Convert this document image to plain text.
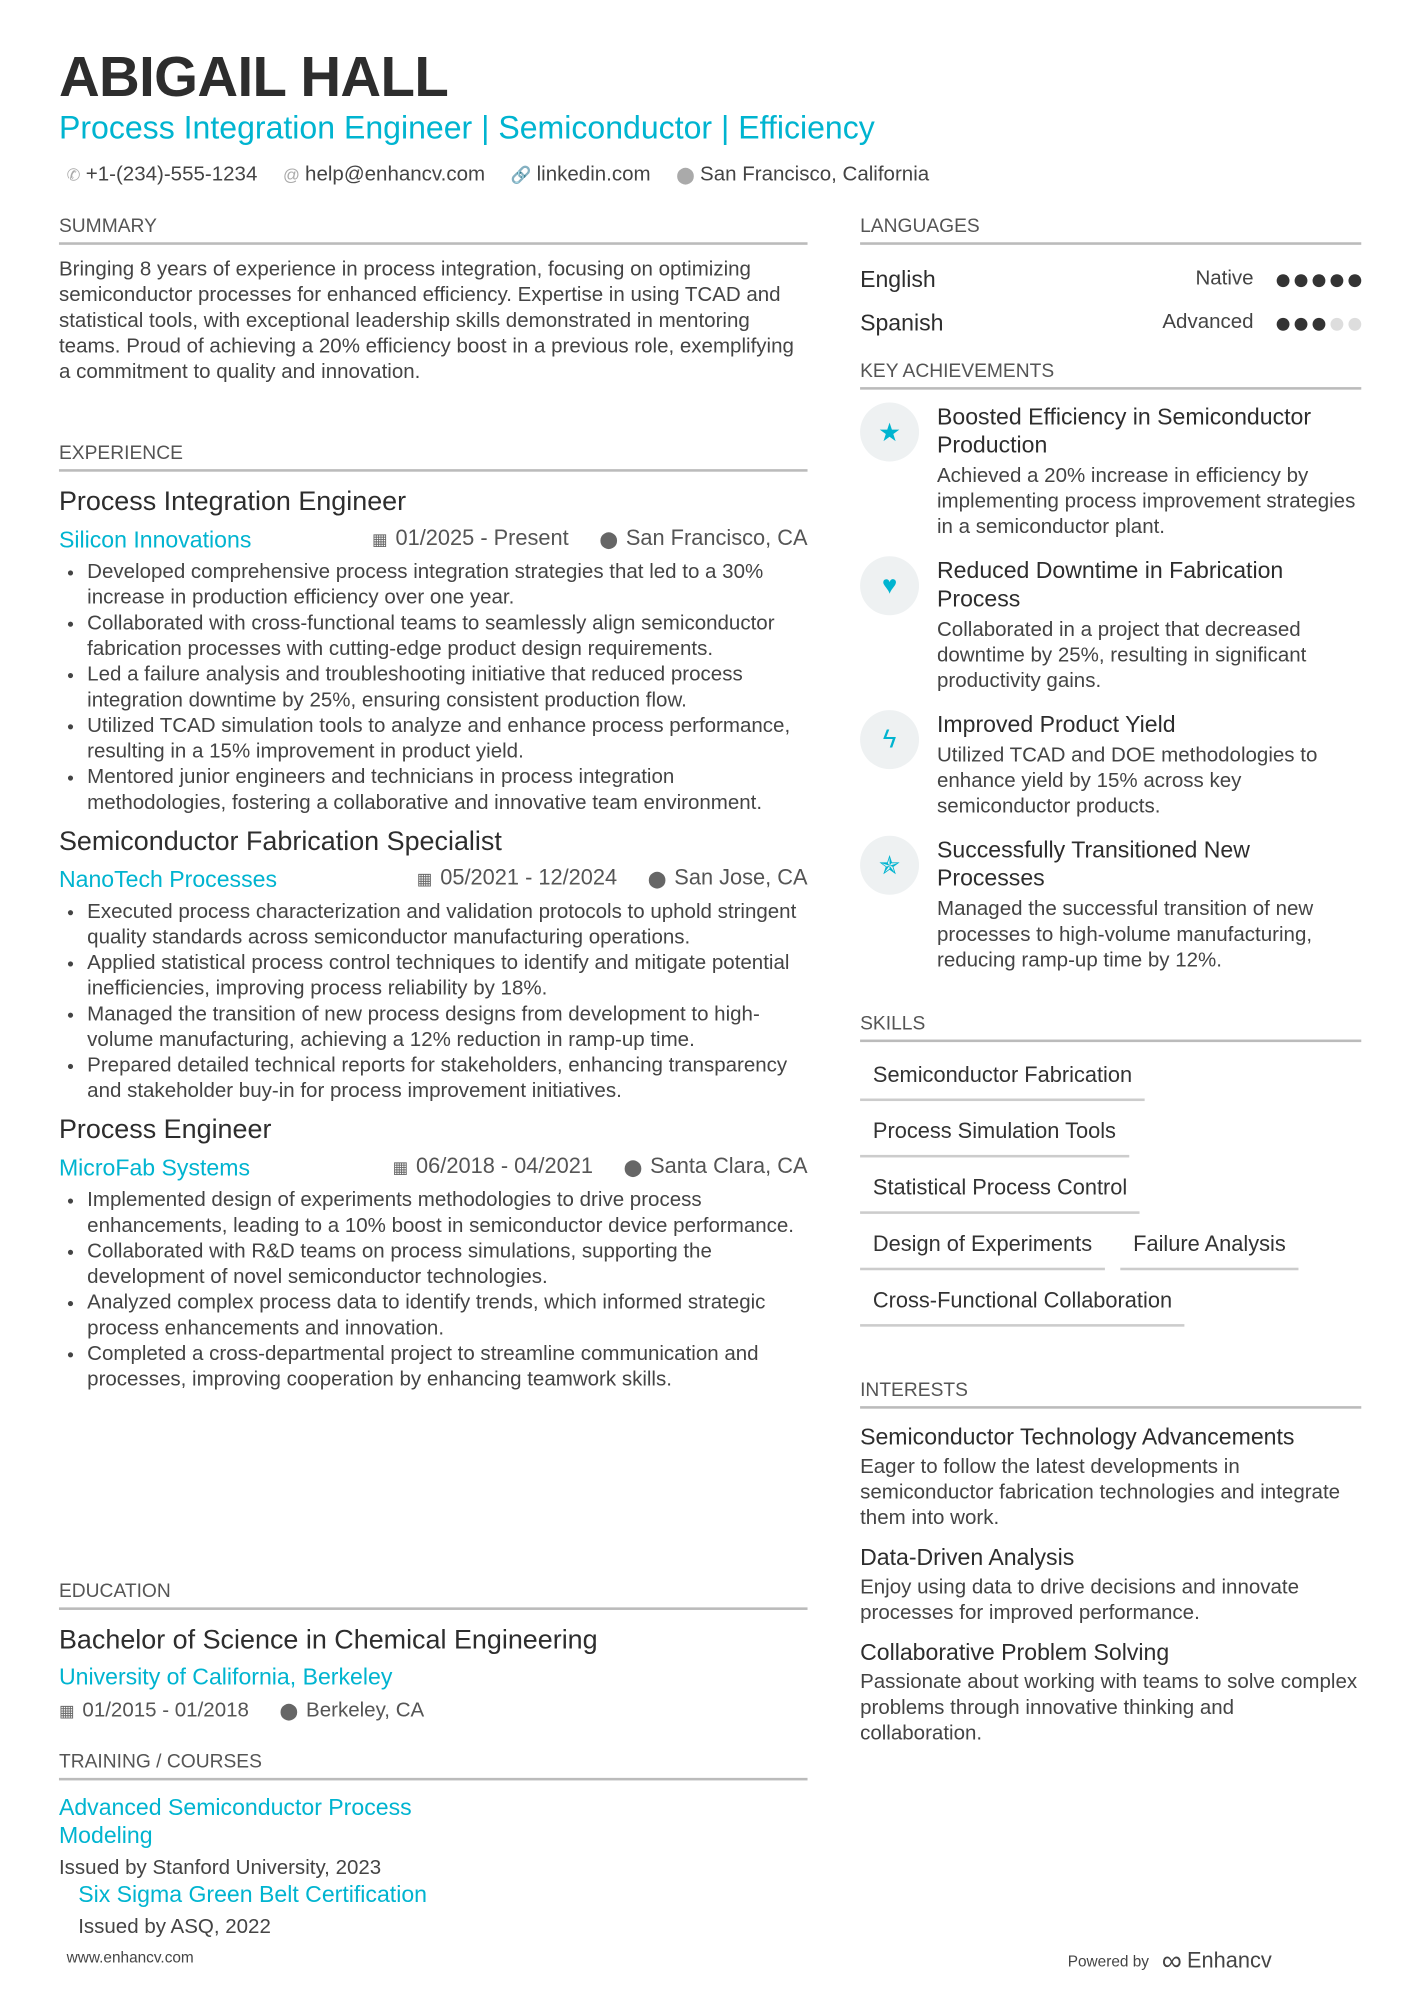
ABIGAIL HALL
Process Integration Engineer | Semiconductor | Efficiency
✆ +1-(234)-555-1234 @ help@enhancv.com 🔗 linkedin.com ⬤ San Francisco, California
SUMMARY

Bringing 8 years of experience in process integration, focusing on optimizing semiconductor processes for enhanced efficiency. Expertise in using TCAD and statistical tools, with exceptional leadership skills demonstrated in mentoring teams. Proud of achieving a 20% efficiency boost in a previous role, exemplifying a commitment to quality and innovation.

EXPERIENCE
Process Integration Engineer
Silicon Innovations	▦ 01/2025 - Present ⬤ San Francisco, CA
• Developed comprehensive process integration strategies that led to a 30% increase in production efficiency over one year.
• Collaborated with cross-functional teams to seamlessly align semiconductor fabrication processes with cutting-edge product design requirements.
• Led a failure analysis and troubleshooting initiative that reduced process integration downtime by 25%, ensuring consistent production flow.
• Utilized TCAD simulation tools to analyze and enhance process performance, resulting in a 15% improvement in product yield.
• Mentored junior engineers and technicians in process integration methodologies, fostering a collaborative and innovative team environment.
Semiconductor Fabrication Specialist
NanoTech Processes	▦ 05/2021 - 12/2024 ⬤ San Jose, CA
• Executed process characterization and validation protocols to uphold stringent quality standards across semiconductor manufacturing operations.
• Applied statistical process control techniques to identify and mitigate potential inefficiencies, improving process reliability by 18%.
• Managed the transition of new process designs from development to high-volume manufacturing, achieving a 12% reduction in ramp-up time.
• Prepared detailed technical reports for stakeholders, enhancing transparency and stakeholder buy-in for process improvement initiatives.
Process Engineer
MicroFab Systems	▦ 06/2018 - 04/2021 ⬤ Santa Clara, CA
• Implemented design of experiments methodologies to drive process enhancements, leading to a 10% boost in semiconductor device performance.
• Collaborated with R&D teams on process simulations, supporting the development of novel semiconductor technologies.
• Analyzed complex process data to identify trends, which informed strategic process enhancements and innovation.
• Completed a cross-departmental project to streamline communication and processes, improving cooperation by enhancing teamwork skills.
EDUCATION
Bachelor of Science in Chemical Engineering
University of California, Berkeley
▦ 01/2015 - 01/2018 ⬤ Berkeley, CA
TRAINING / COURSES
Advanced Semiconductor Process Modeling
Issued by Stanford University, 2023
Six Sigma Green Belt Certification
Issued by ASQ, 2022
LANGUAGES
English	Native
Spanish	Advanced
KEY ACHIEVEMENTS
★
Boosted Efficiency in Semiconductor Production

Achieved a 20% increase in efficiency by implementing process improvement strategies in a semiconductor plant.

♥
Reduced Downtime in Fabrication Process

Collaborated in a project that decreased downtime by 25%, resulting in significant productivity gains.

ϟ
Improved Product Yield

Utilized TCAD and DOE methodologies to enhance yield by 15% across key semiconductor products.

✯
Successfully Transitioned New Processes

Managed the successful transition of new processes to high-volume manufacturing, reducing ramp-up time by 12%.

SKILLS
Semiconductor Fabrication
Process Simulation Tools
Statistical Process Control
Design of Experiments	Failure Analysis
Cross-Functional Collaboration
INTERESTS
Semiconductor Technology Advancements

Eager to follow the latest developments in semiconductor fabrication technologies and integrate them into work.

Data-Driven Analysis

Enjoy using data to drive decisions and innovate processes for improved performance.

Collaborative Problem Solving

Passionate about working with teams to solve complex problems through innovative thinking and collaboration.

www.enhancv.com	Powered by ∞ Enhancv
